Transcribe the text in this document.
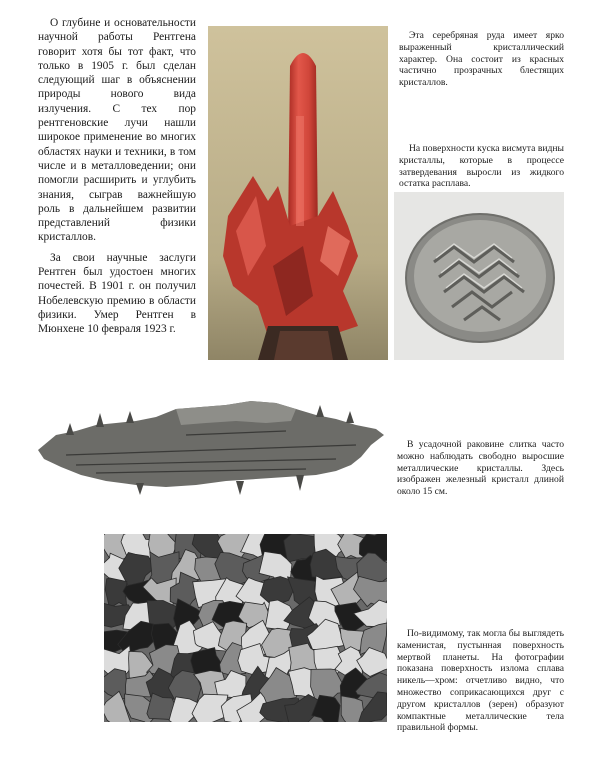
О глубине и основательности научной работы Рентгена говорит хотя бы тот факт, что только в 1905 г. был сделан следующий шаг в объяснении природы нового вида излучения. С тех пор рентгеновские лучи нашли широкое применение во многих областях науки и техники, в том числе и в металловедении; они помогли расширить и углубить знания, сыграв важнейшую роль в дальнейшем развитии представлений физики кристаллов.

За свои научные заслуги Рентген был удостоен многих почестей. В 1901 г. он получил Нобелевскую премию в области физики. Умер Рентген в Мюнхене 10 февраля 1923 г.

Эта серебряная руда имеет ярко выраженный кристаллический характер. Она состоит из красных частично прозрачных блестящих кристаллов.

На поверхности куска висмута видны кристаллы, которые в процессе затвердевания выросли из жидкого остатка расплава.

В усадочной раковине слитка часто можно наблюдать свободно выросшие металлические кристаллы. Здесь изображен железный кристалл длиной около 15 см.

По-видимому, так могла бы выглядеть каменистая, пустынная поверхность мертвой планеты. На фотографии показана поверхность излома сплава никель—хром: отчетливо видно, что множество соприкасающихся друг с другом кристаллов (зерен) образуют компактные металлические тела правильной формы.
